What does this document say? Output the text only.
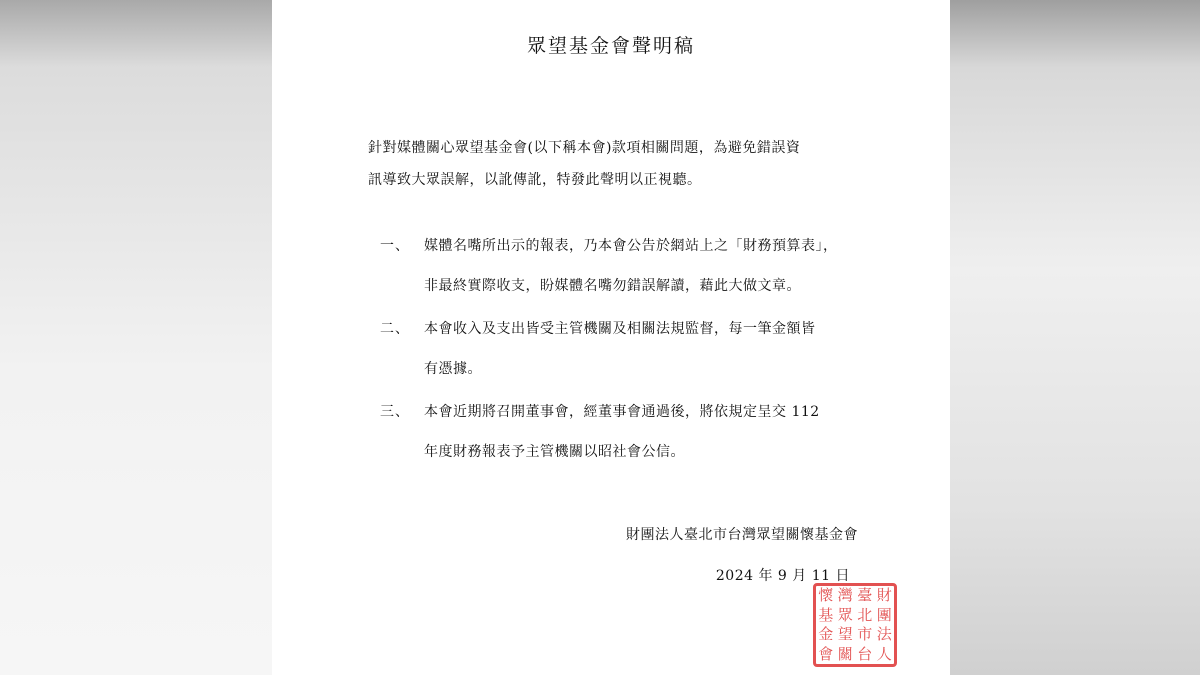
眾望基金會聲明稿
針對媒體關心眾望基金會(以下稱本會)款項相關問題，為避免錯誤資
訊導致大眾誤解，以訛傳訛，特發此聲明以正視聽。
一、 媒體名嘴所出示的報表，乃本會公告於網站上之「財務預算表」，
非最終實際收支，盼媒體名嘴勿錯誤解讀，藉此大做文章。
二、 本會收入及支出皆受主管機關及相關法規監督，每一筆金額皆
有憑據。
三、 本會近期將召開董事會，經董事會通過後，將依規定呈交 112
年度財務報表予主管機關以昭社會公信。
財團法人臺北市台灣眾望關懷基金會
2024 年 9 月 11 日
懷 灣 臺 財
基 眾 北 團
金 望 市 法
會 關 台 人
